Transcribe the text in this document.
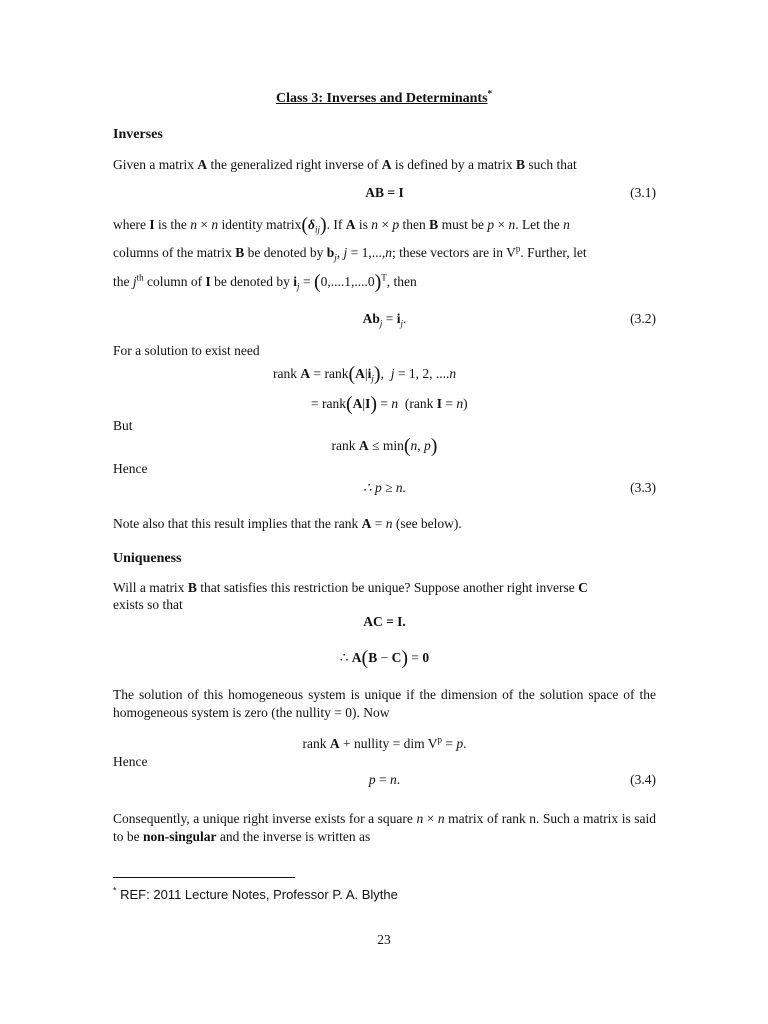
Class 3: Inverses and Determinants*
Inverses
Given a matrix A the generalized right inverse of A is defined by a matrix B such that
AB = I	(3.1)
where I is the n × n identity $matrix(\delta_{ij})$. If A is n × p then B must be p × n. Let the n
columns of the matrix B be denoted by $b_j$, j = 1,...,n; these vectors are in $V^p$. Further, let
the $j^{th}$ column of I be denoted by $i_j = (0,....1,....0)^T$, then
$Ab_j = i_j$.	(3.2)
For a solution to exist need
rank $A = rank(A|i_j)$,  j = 1, 2, ....n
= rank(A|I) = n (rank I = n)
But
rank A ≤ min(n, p)
Hence
∴ p ≥ n.	(3.3)
Note also that this result implies that the rank A = n (see below).
Uniqueness
Will a matrix B that satisfies this restriction be unique? Suppose another right inverse C
exists so that
AC = I.
∴ A(B − C) = 0
The solution of this homogeneous system is unique if the dimension of the solution space of the homogeneous system is zero (the nullity = 0). Now
rank A + nullity = dim $V^p = p$.
Hence
p = n.	(3.4)
Consequently, a unique right inverse exists for a square n × n matrix of rank n. Such a matrix is said to be non-singular and the inverse is written as
* REF: 2011 Lecture Notes, Professor P. A. Blythe
23
